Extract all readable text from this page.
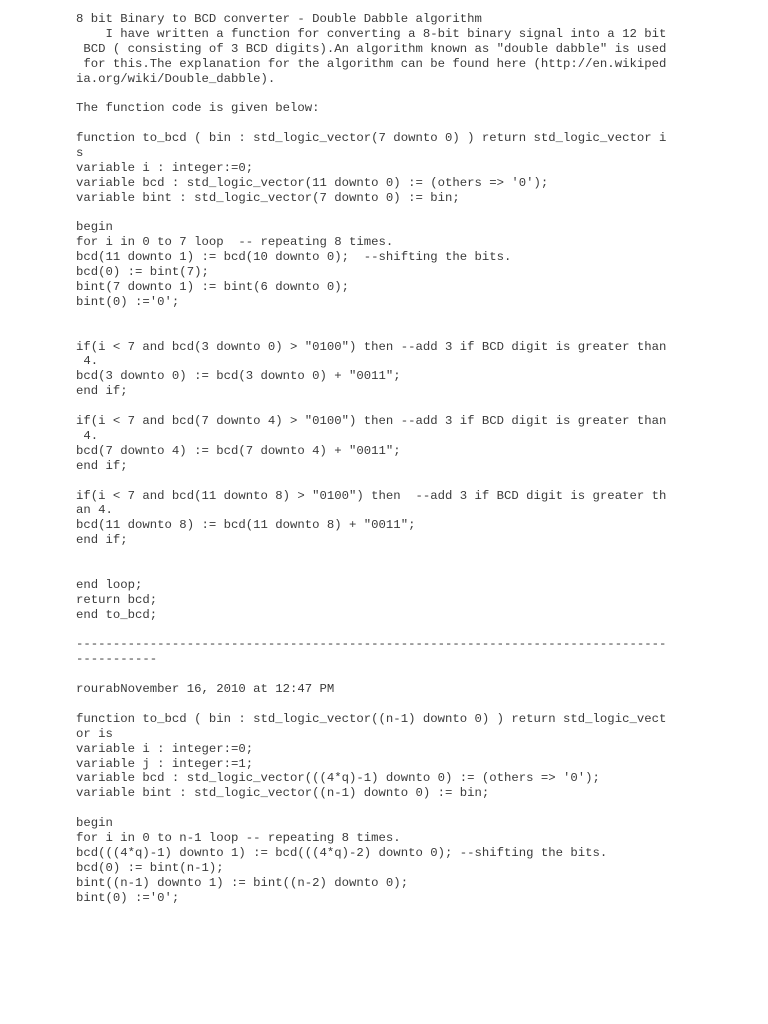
8 bit Binary to BCD converter - Double Dabble algorithm
I have written a function for converting a 8-bit binary signal into a 12 bit
BCD ( consisting of 3 BCD digits).An algorithm known as "double dabble" is used
for this.The explanation for the algorithm can be found here (http://en.wikiped
ia.org/wiki/Double_dabble).
The function code is given below:
function to_bcd ( bin : std_logic_vector(7 downto 0) ) return std_logic_vector i
s
variable i : integer:=0;
variable bcd : std_logic_vector(11 downto 0) := (others => '0');
variable bint : std_logic_vector(7 downto 0) := bin;
begin
for i in 0 to 7 loop  -- repeating 8 times.
bcd(11 downto 1) := bcd(10 downto 0);  --shifting the bits.
bcd(0) := bint(7);
bint(7 downto 1) := bint(6 downto 0);
bint(0) :='0';
if(i < 7 and bcd(3 downto 0) > "0100") then --add 3 if BCD digit is greater than
4.
bcd(3 downto 0) := bcd(3 downto 0) + "0011";
end if;
if(i < 7 and bcd(7 downto 4) > "0100") then --add 3 if BCD digit is greater than
4.
bcd(7 downto 4) := bcd(7 downto 4) + "0011";
end if;
if(i < 7 and bcd(11 downto 8) > "0100") then  --add 3 if BCD digit is greater th
an 4.
bcd(11 downto 8) := bcd(11 downto 8) + "0011";
end if;
end loop;
return bcd;
end to_bcd;
--------------------------------------------------------------------------------
-----------
rourabNovember 16, 2010 at 12:47 PM
function to_bcd ( bin : std_logic_vector((n-1) downto 0) ) return std_logic_vect
or is
variable i : integer:=0;
variable j : integer:=1;
variable bcd : std_logic_vector(((4*q)-1) downto 0) := (others => '0');
variable bint : std_logic_vector((n-1) downto 0) := bin;
begin
for i in 0 to n-1 loop -- repeating 8 times.
bcd(((4*q)-1) downto 1) := bcd(((4*q)-2) downto 0); --shifting the bits.
bcd(0) := bint(n-1);
bint((n-1) downto 1) := bint((n-2) downto 0);
bint(0) :='0';
